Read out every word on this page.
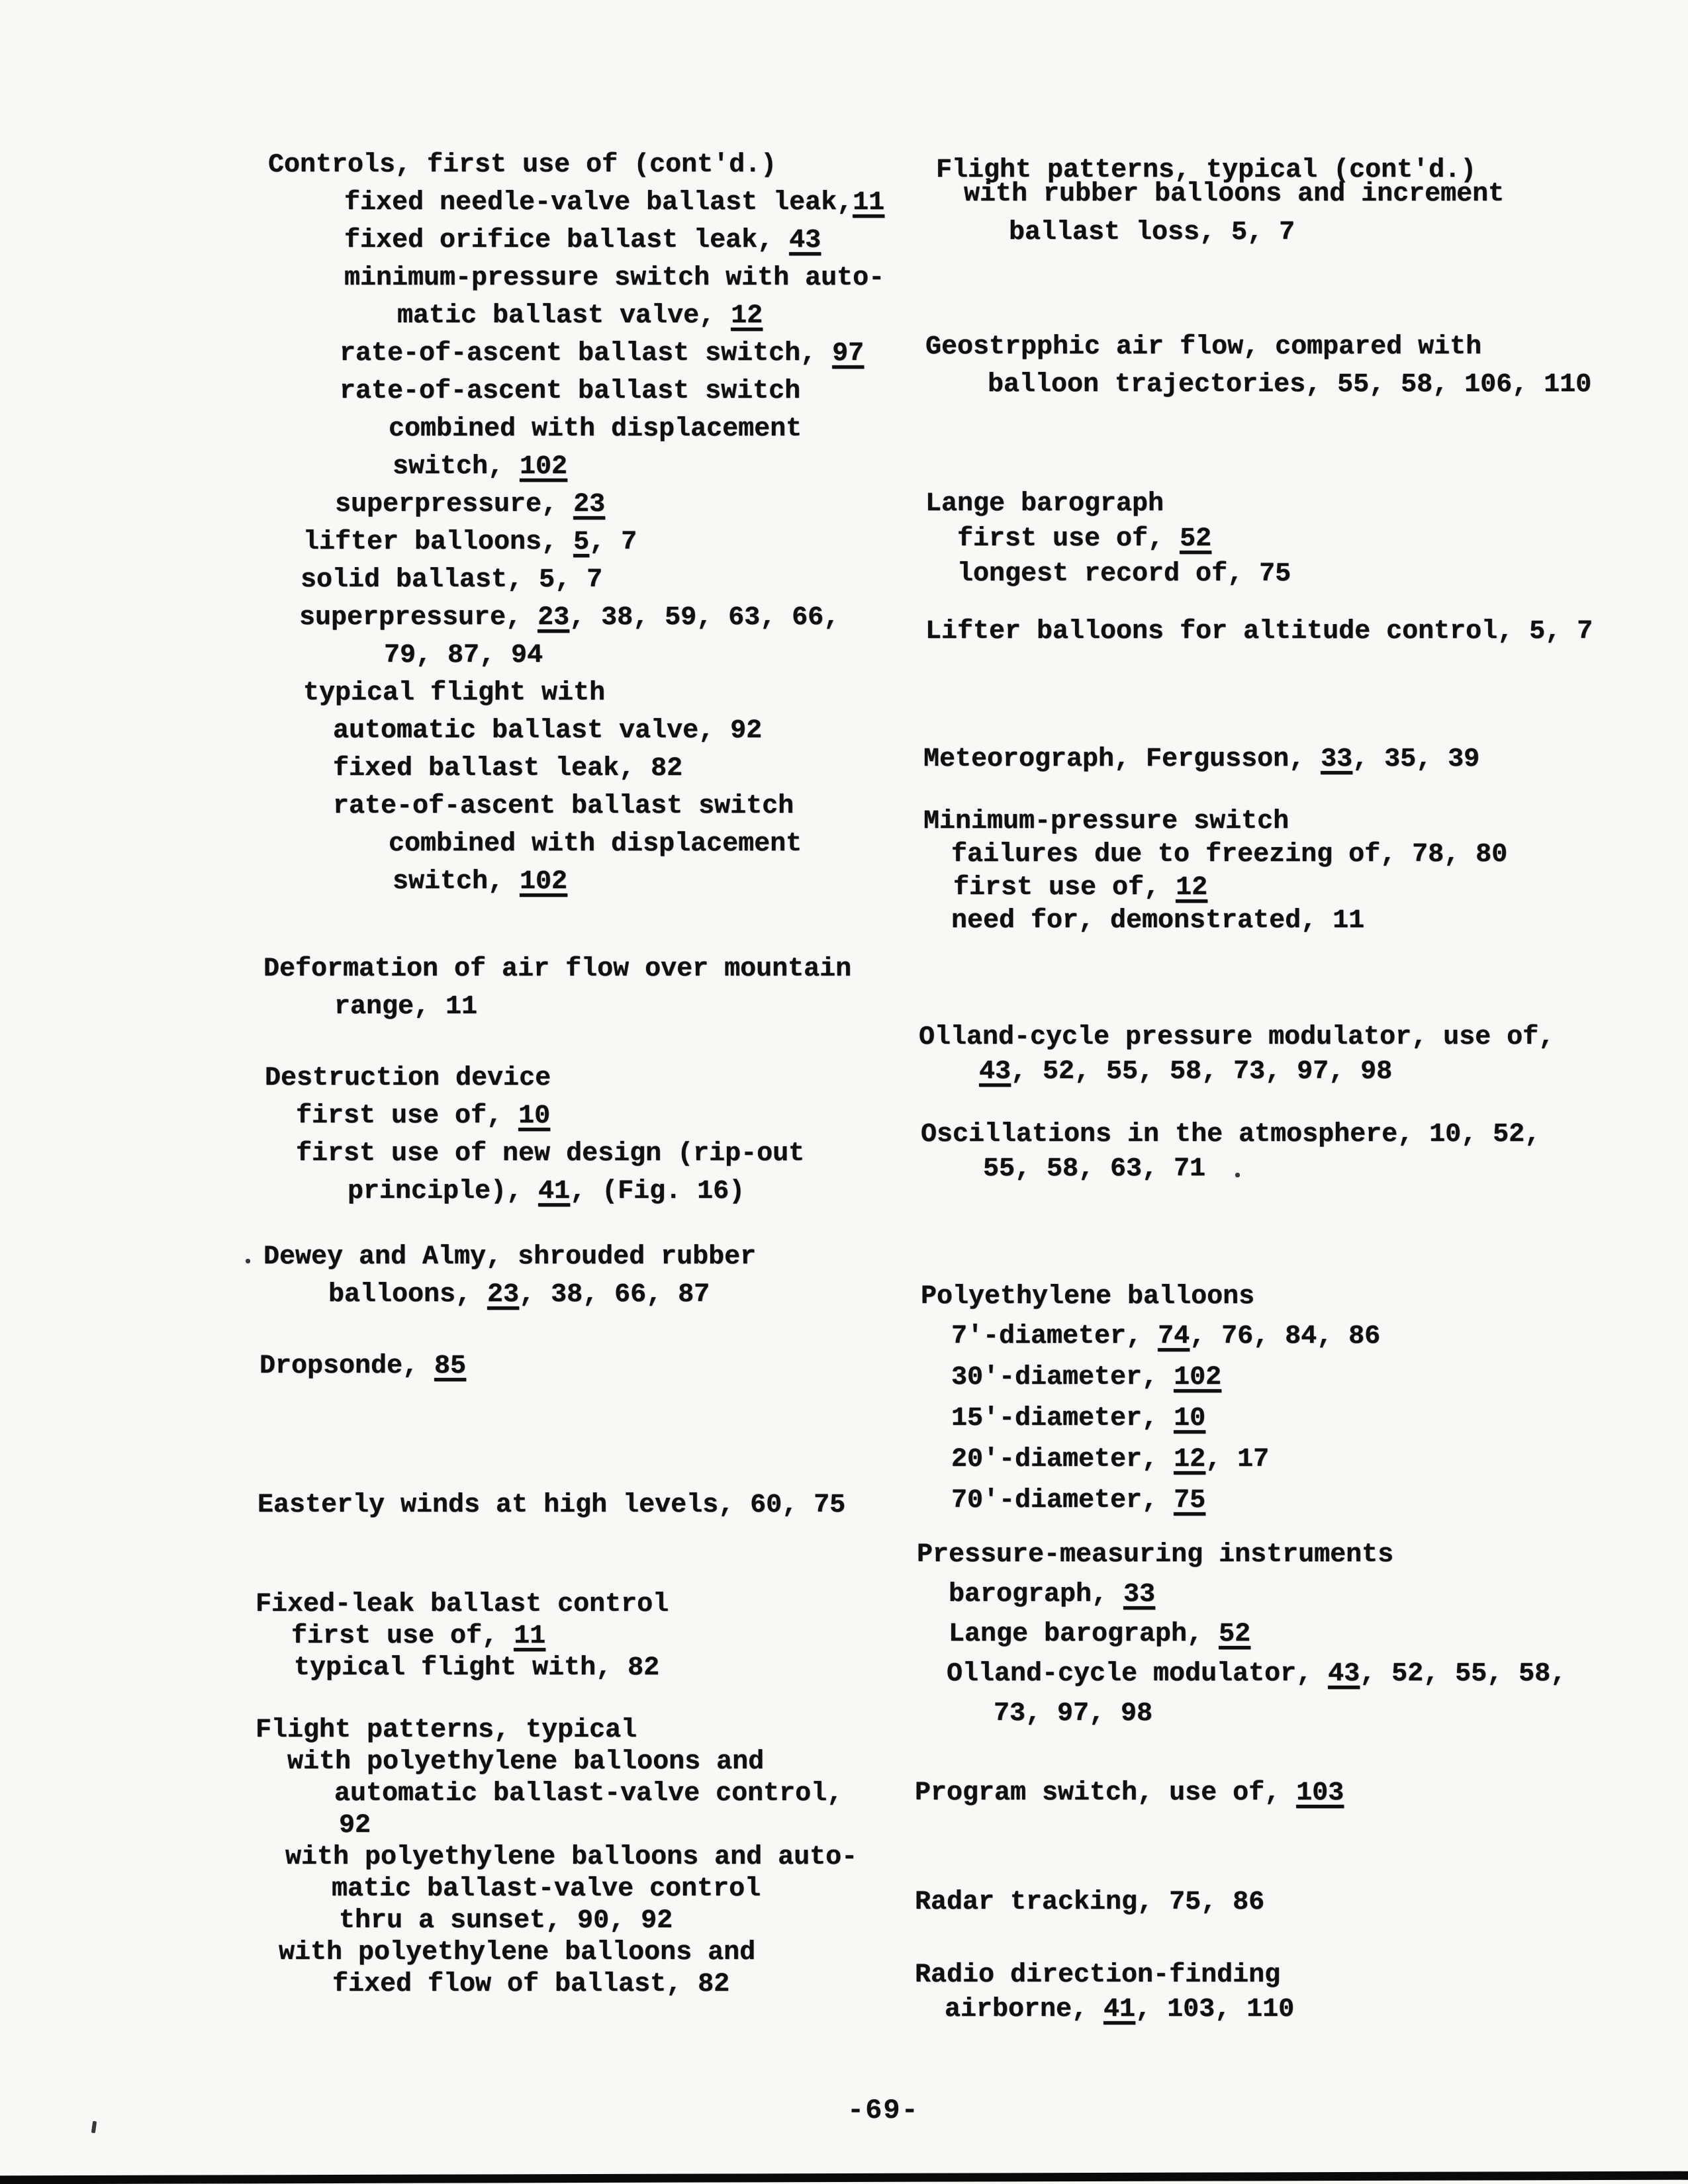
Controls, first use of (cont'd.)
fixed needle-valve ballast leak,11
fixed orifice ballast leak, 43
minimum-pressure switch with auto-
matic ballast valve, 12
rate-of-ascent ballast switch, 97
rate-of-ascent ballast switch
combined with displacement
switch, 102
superpressure, 23
lifter balloons, 5, 7
solid ballast, 5, 7
superpressure, 23, 38, 59, 63, 66,
79, 87, 94
typical flight with
automatic ballast valve, 92
fixed ballast leak, 82
rate-of-ascent ballast switch
combined with displacement
switch, 102
Deformation of air flow over mountain
range, 11
Destruction device
first use of, 10
first use of new design (rip-out
principle), 41, (Fig. 16)
Dewey and Almy, shrouded rubber
balloons, 23, 38, 66, 87
Dropsonde, 85
Easterly winds at high levels, 60, 75
Fixed-leak ballast control
first use of, 11
typical flight with, 82
Flight patterns, typical
with polyethylene balloons and
automatic ballast-valve control,
92
with polyethylene balloons and auto-
matic ballast-valve control
thru a sunset, 90, 92
with polyethylene balloons and
fixed flow of ballast, 82
Flight patterns, typical (cont'd.)
with rubber balloons and increment
ballast loss, 5, 7
Geostrpphic air flow, compared with
balloon trajectories, 55, 58, 106, 110
Lange barograph
first use of, 52
longest record of, 75
Lifter balloons for altitude control, 5, 7
Meteorograph, Fergusson, 33, 35, 39
Minimum-pressure switch
failures due to freezing of, 78, 80
first use of, 12
need for, demonstrated, 11
Olland-cycle pressure modulator, use of,
43, 52, 55, 58, 73, 97, 98
Oscillations in the atmosphere, 10, 52,
55, 58, 63, 71
Polyethylene balloons
7'-diameter, 74, 76, 84, 86
30'-diameter, 102
15'-diameter, 10
20'-diameter, 12, 17
70'-diameter, 75
Pressure-measuring instruments
barograph, 33
Lange barograph, 52
Olland-cycle modulator, 43, 52, 55, 58,
73, 97, 98
Program switch, use of, 103
Radar tracking, 75, 86
Radio direction-finding
airborne, 41, 103, 110
-69-
